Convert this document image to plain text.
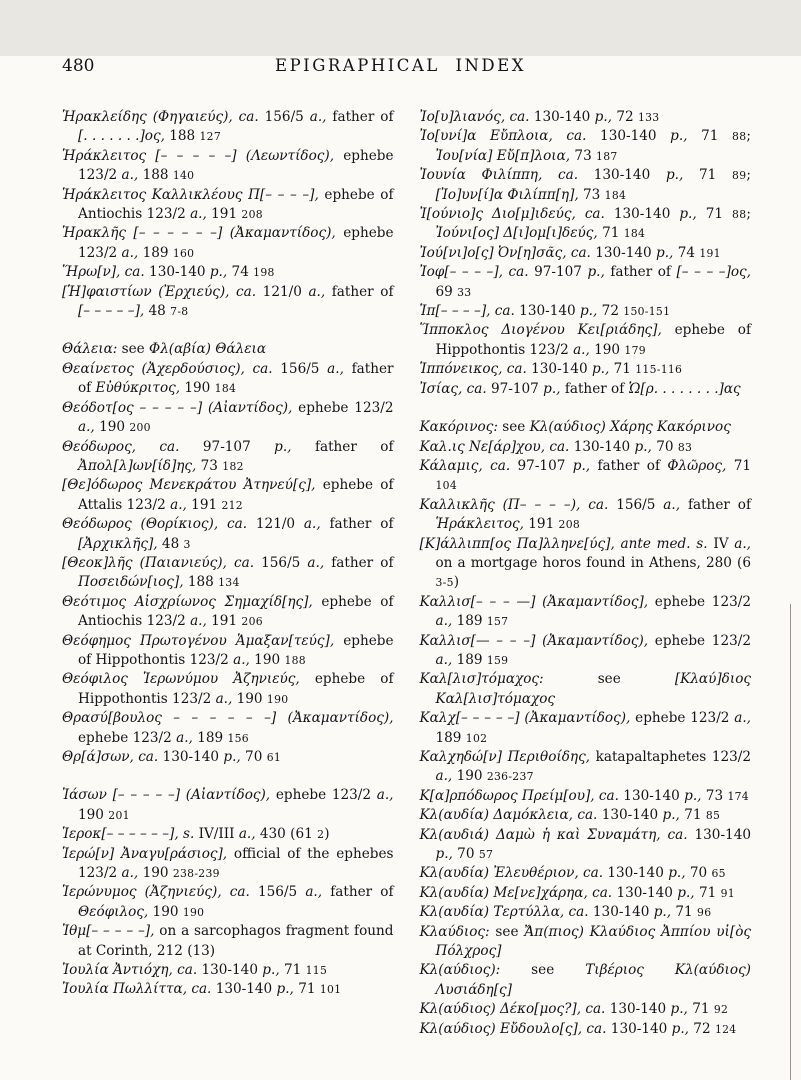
480	EPIGRAPHICAL INDEX

Ἡρακλείδης (Φηγαιεύς), ca. 156/5 a., father of [. . . . . . .]ος, 188 127

Ἡράκλειτος [– – – – –] (Λεωντίδος), ephebe 123/2 a., 188 140

Ἡράκλειτος Καλλικλέους Π[– – – –], ephebe of Antiochis 123/2 a., 191 208

Ἡρακλῆς [– – – – – –] (Ἀκαμαντίδος), ephebe 123/2 a., 189 160

Ἥρω[ν], ca. 130-140 p., 74 198

[Ἡ]φαιστίων (Ἐρχιεύς), ca. 121/0 a., father of [– – – – –], 48 7-8

Θάλεια: see Φλ(αβία) Θάλεια

Θεαίνετος (Ἀχερδούσιος), ca. 156/5 a., father of Εὐθύκριτος, 190 184

Θεόδοτ[ος – – – – –] (Αἰαντίδος), ephebe 123/2 a., 190 200

Θεόδωρος, ca. 97-107 p., father of Ἀπολ[λ]ων[ίδ]ης, 73 182

[Θε]όδωρος Μενεκράτου Ἀτηνεύ[ς], ephebe of Attalis 123/2 a., 191 212

Θεόδωρος (Θορίκιος), ca. 121/0 a., father of [Ἀρχικλῆς], 48 3

[Θεοκ]λῆς (Παιανιεύς), ca. 156/5 a., father of Ποσειδών[ιος], 188 134

Θεότιμος Αἰσχρίωνος Σημαχίδ[ης], ephebe of Antiochis 123/2 a., 191 206

Θεόφημος Πρωτογένου Ἁμαξαν[τεύς], ephebe of Hippothontis 123/2 a., 190 188

Θεόφιλος Ἱερωνύμου Ἀζηνιεύς, ephebe of Hippothontis 123/2 a., 190 190

Θρασύ[βουλος – – – – – –] (Ἀκαμαντίδος), ephebe 123/2 a., 189 156

Θρ[ά]σων, ca. 130-140 p., 70 61

Ἰάσων [– – – – –] (Αἰαντίδος), ephebe 123/2 a., 190 201

Ἱεροκ[– – – – – –], s. IV/III a., 430 (61 2)

Ἱερώ[ν] Ἀναγυ[ράσιος], official of the ephebes 123/2 a., 190 238-239

Ἱερώνυμος (Ἀζηνιεύς), ca. 156/5 a., father of Θεόφιλος, 190 190

Ἰθμ[– – – – –], on a sarcophagos fragment found at Corinth, 212 (13)

Ἰουλία Ἀντιόχη, ca. 130-140 p., 71 115

Ἰουλία Πωλλίττα, ca. 130-140 p., 71 101

Ἰο[υ]λιανός, ca. 130-140 p., 72 133

Ἰο[υνί]α Εὔπλοια, ca. 130-140 p., 71 88; Ἰου[νία] Εὔ[π]λοια, 73 187

Ἰουνία Φιλίππη, ca. 130-140 p., 71 89; [Ἰο]υν[ί]α Φιλίππ[η], 73 184

Ἰ[ούνιο]ς Διο[μ]ιδεύς, ca. 130-140 p., 71 88; Ἰούνι[ος] Δ[ι]ομ[ι]δεύς, 71 184

Ἰού[νι]ο[ς] Ὀν[η]σᾶς, ca. 130-140 p., 74 191

Ἰοφ[– – – –], ca. 97-107 p., father of [– – – –]ος, 69 33

Ἱπ[– – – –], ca. 130-140 p., 72 150-151

Ἵπποκλος Διογένου Κει[ριάδης], ephebe of Hippothontis 123/2 a., 190 179

Ἱππόνεικος, ca. 130-140 p., 71 115-116

Ἰσίας, ca. 97-107 p., father of Ὡ[ρ. . . . . . . .]ας

Κακόρινος: see Κλ(αύδιος) Χάρης Κακόρινος

Καλ.ις Νε[άρ]χου, ca. 130-140 p., 70 83

Κάλαμις, ca. 97-107 p., father of Φλῶρος, 71 104

Καλλικλῆς (Π– – – –), ca. 156/5 a., father of Ἡράκλειτος, 191 208

[Κ]άλλιππ[ος Πα]λληνε[ύς], ante med. s. IV a., on a mortgage horos found in Athens, 280 (6 3-5)

Καλλισ[– – – —] (Ἀκαμαντίδος], ephebe 123/2 a., 189 157

Καλλισ[— – – –] (Ἀκαμαντίδος), ephebe 123/2 a., 189 159

Καλ[λισ]τόμαχος: see [Κλαύ]διος Καλ[λισ]τόμαχος

Καλχ[– – – – –] (Ἀκαμαντίδος), ephebe 123/2 a., 189 102

Καλχηδώ[ν] Περιθοίδης, katapaltaphetes 123/2 a., 190 236-237

Κ[α]ρπόδωρος Πρείμ[ου], ca. 130-140 p., 73 174

Κλ(αυδία) Δαμόκλεια, ca. 130-140 p., 71 85

Κλ(αυδιά) Δαμὼ ἡ καὶ Συναμάτη, ca. 130-140 p., 70 57

Κλ(αυδία) Ἐλευθέριον, ca. 130-140 p., 70 65

Κλ(αυδία) Με[νε]χάρηα, ca. 130-140 p., 71 91

Κλ(αυδία) Τερτύλλα, ca. 130-140 p., 71 96

Κλαύδιος: see Ἄπ(πιος) Κλαύδιος Ἀππίου υἱ[ὸς Πόλχρος]

Κλ(αύδιος): see Τιβέριος Κλ(αύδιος) Λυσιάδη[ς]

Κλ(αύδιος) Δέκο[μος?], ca. 130-140 p., 71 92

Κλ(αύδιος) Εὔδουλο[ς], ca. 130-140 p., 72 124
